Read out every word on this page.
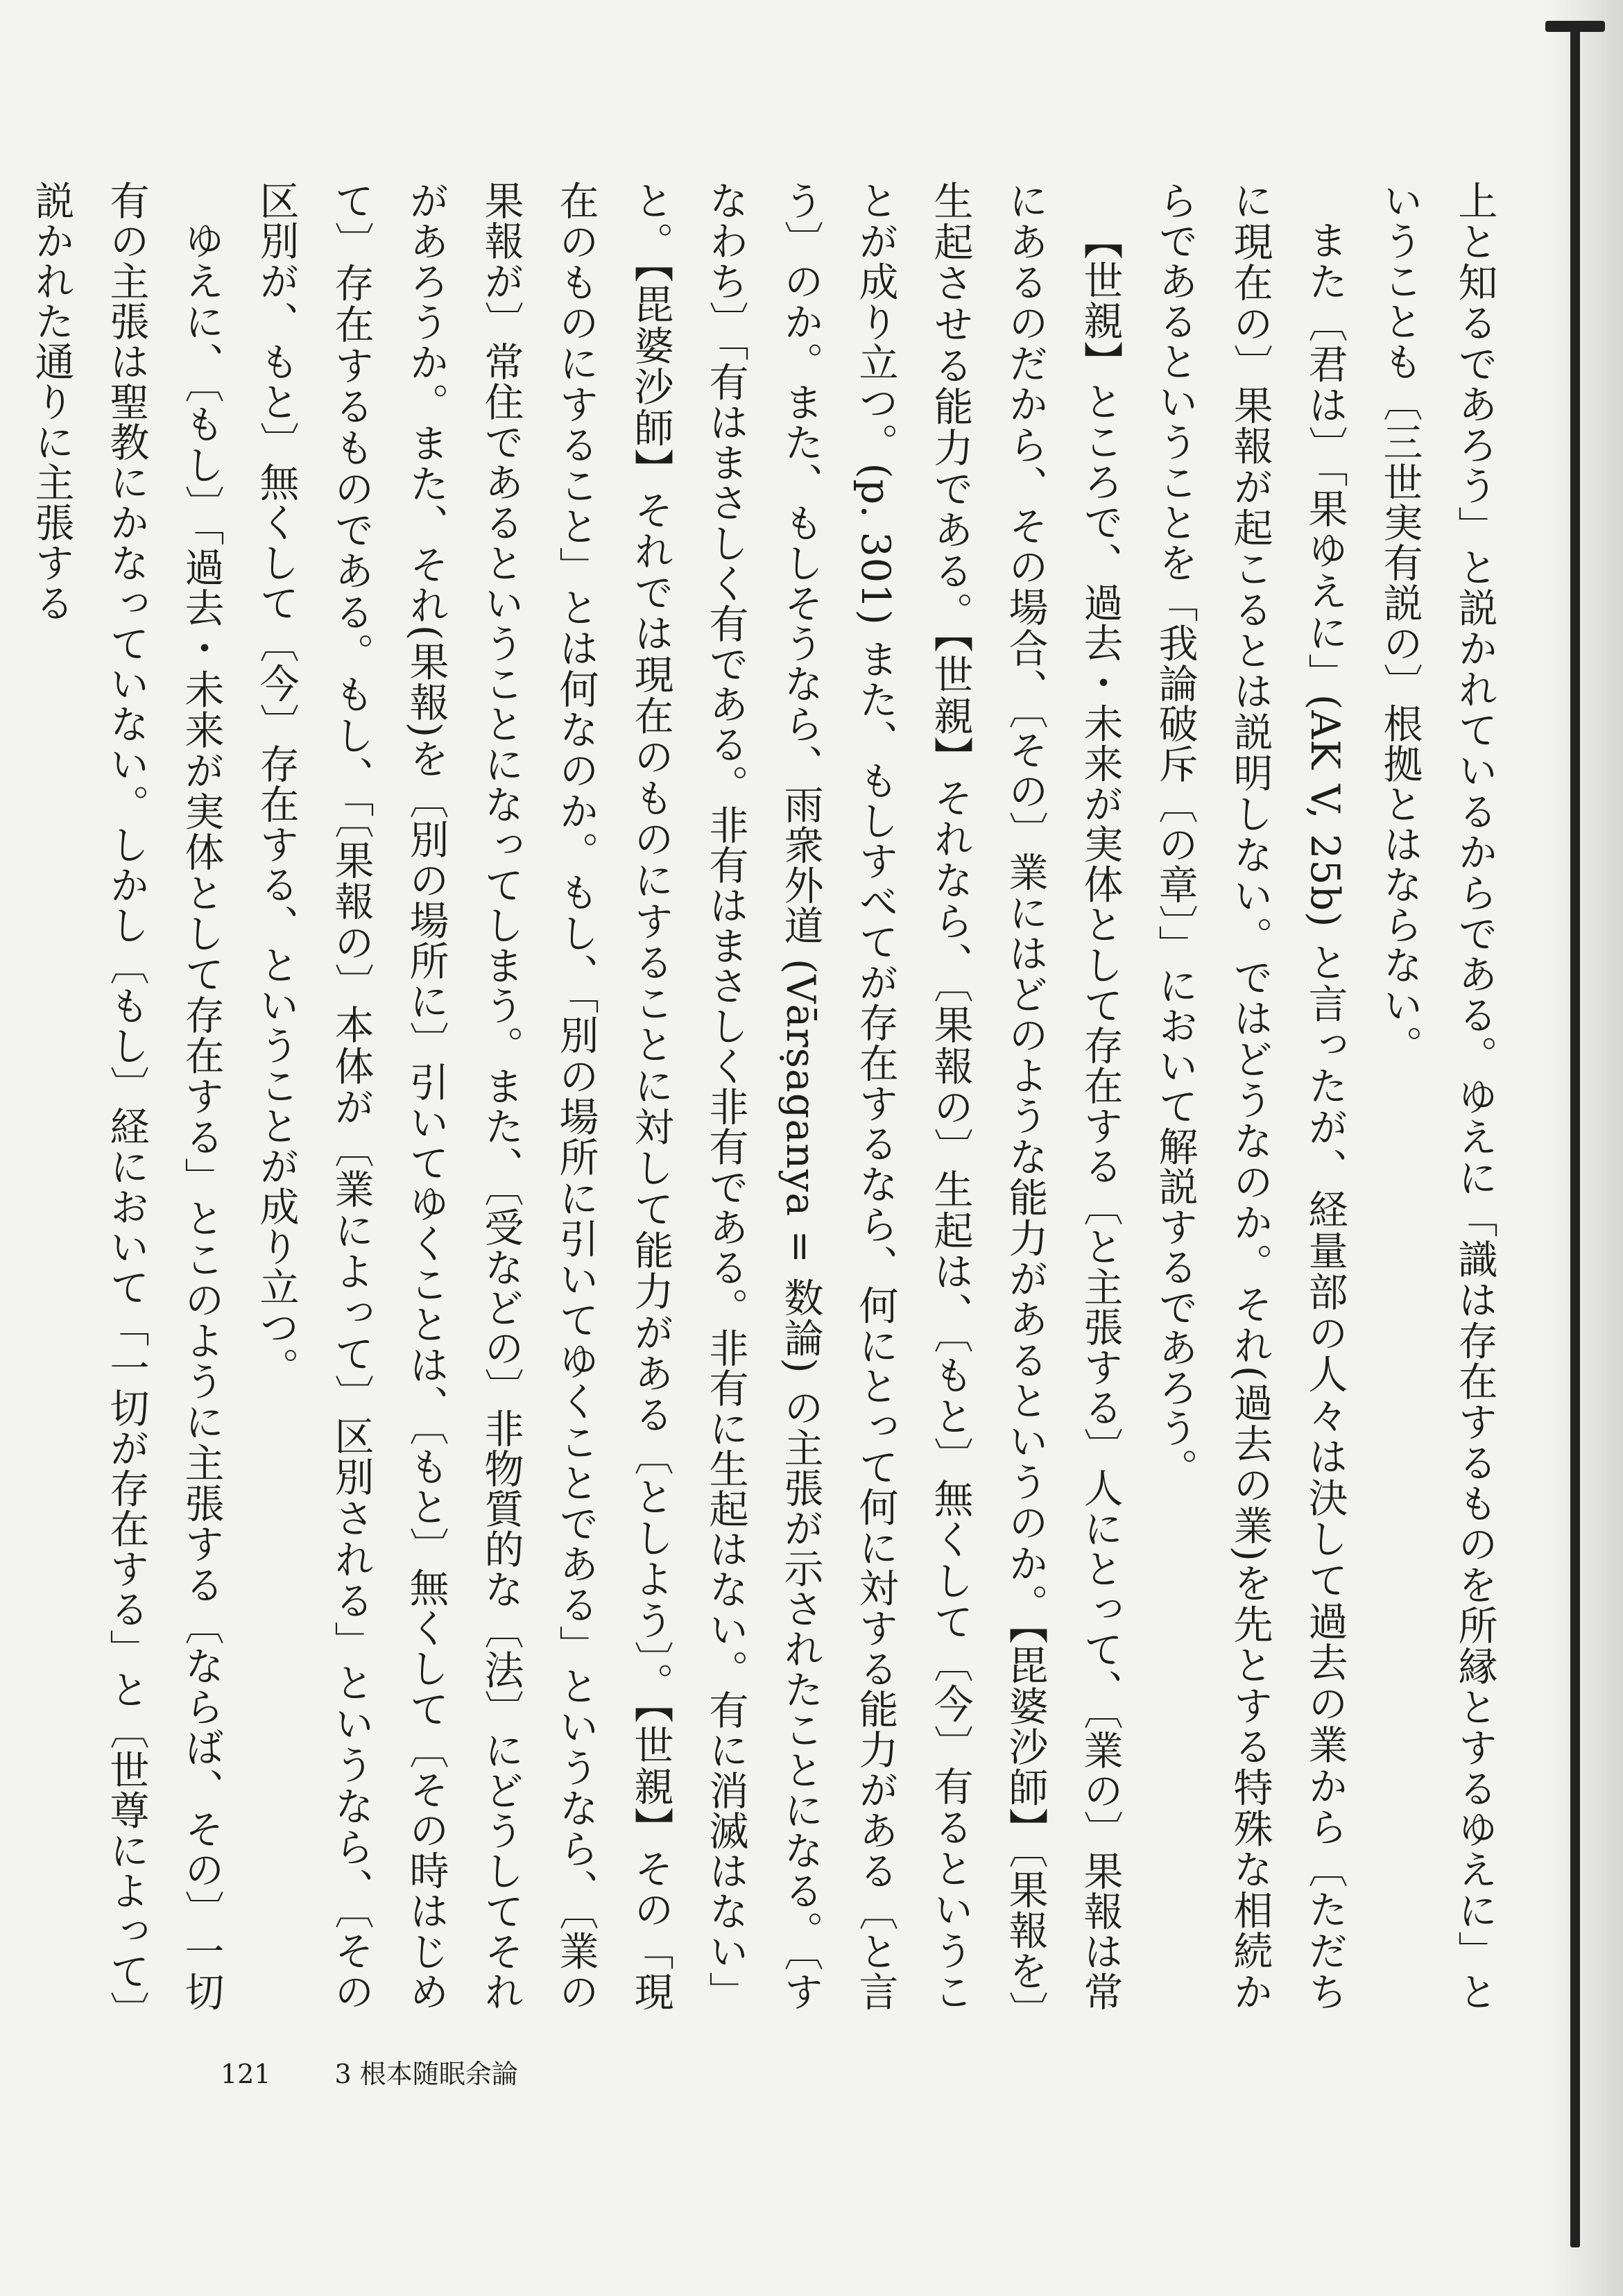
上と知るであろう」と説かれているからである。ゆえに「識は存在するものを所縁とするゆえに」ということも〔三世実有説の〕根拠とはならない。

また〔君は〕「果ゆえに」(AK V, 25b) と言ったが、経量部の人々は決して過去の業から〔ただちに現在の〕果報が起こるとは説明しない。ではどうなのか。それ(過去の業)を先とする特殊な相続からであるということを「我論破斥〔の章〕」において解説するであろう。

【世親】ところで、過去・未来が実体として存在する〔と主張する〕人にとって、〔業の〕果報は常にあるのだから、その場合、〔その〕業にはどのような能力があるというのか。【毘婆沙師】〔果報を〕生起させる能力である。【世親】それなら、〔果報の〕生起は、〔もと〕無くして〔今〕有るということが成り立つ。(p. 301) また、もしすべてが存在するなら、何にとって何に対する能力がある〔と言う〕のか。また、もしそうなら、雨衆外道 (Vārṣaganya = 数論) の主張が示されたことになる。〔すなわち〕「有はまさしく有である。非有はまさしく非有である。非有に生起はない。有に消滅はない」と。【毘婆沙師】それでは現在のものにすることに対して能力がある〔としよう〕。【世親】その「現在のものにすること」とは何なのか。もし、「別の場所に引いてゆくことである」というなら、〔業の果報が〕常住であるということになってしまう。また、〔受などの〕非物質的な〔法〕にどうしてそれがあろうか。また、それ(果報)を〔別の場所に〕引いてゆくことは、〔もと〕無くして〔その時はじめて〕存在するものである。もし、「〔果報の〕本体が〔業によって〕区別される」というなら、〔その区別が、もと〕無くして〔今〕存在する、ということが成り立つ。

ゆえに、〔もし〕「過去・未来が実体として存在する」とこのように主張する〔ならば、その〕一切有の主張は聖教にかなっていない。しかし〔もし〕経において「一切が存在する」と〔世尊によって〕説かれた通りに主張する

121 3 根本随眠余論
